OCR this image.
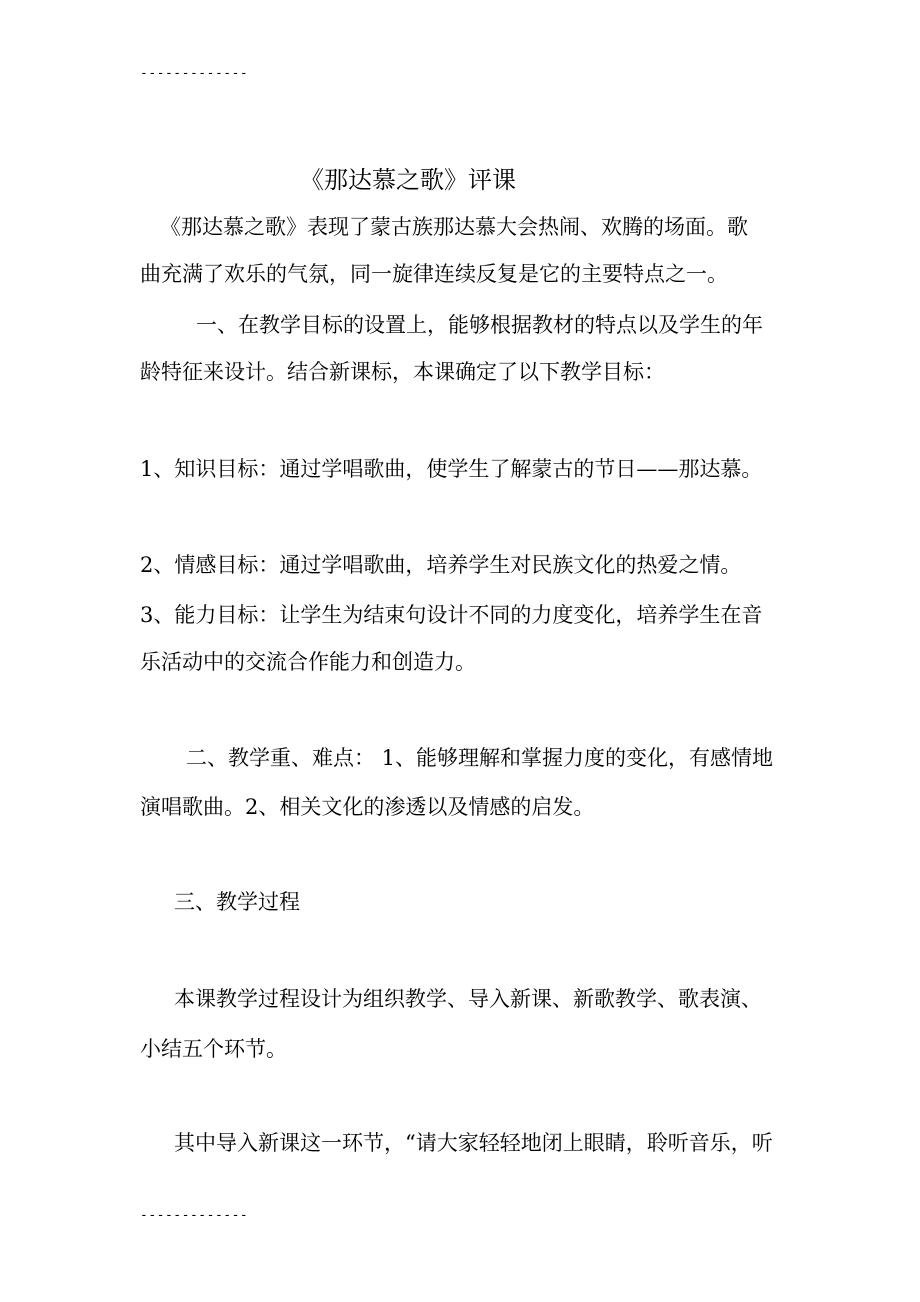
-------------
《那达慕之歌》评课
《那达慕之歌》表现了蒙古族那达慕大会热闹、欢腾的场面。歌
曲充满了欢乐的气氛，同一旋律连续反复是它的主要特点之一。
一、在教学目标的设置上，能够根据教材的特点以及学生的年
龄特征来设计。结合新课标，本课确定了以下教学目标：
1、知识目标：通过学唱歌曲，使学生了解蒙古的节日——那达慕。
2、情感目标：通过学唱歌曲，培养学生对民族文化的热爱之情。
3、能力目标：让学生为结束句设计不同的力度变化，培养学生在音
乐活动中的交流合作能力和创造力。
二、教学重、难点： 1、能够理解和掌握力度的变化，有感情地
演唱歌曲。2、相关文化的渗透以及情感的启发。
三、教学过程
本课教学过程设计为组织教学、导入新课、新歌教学、歌表演、
小结五个环节。
其中导入新课这一环节，“请大家轻轻地闭上眼睛，聆听音乐，听
-------------
